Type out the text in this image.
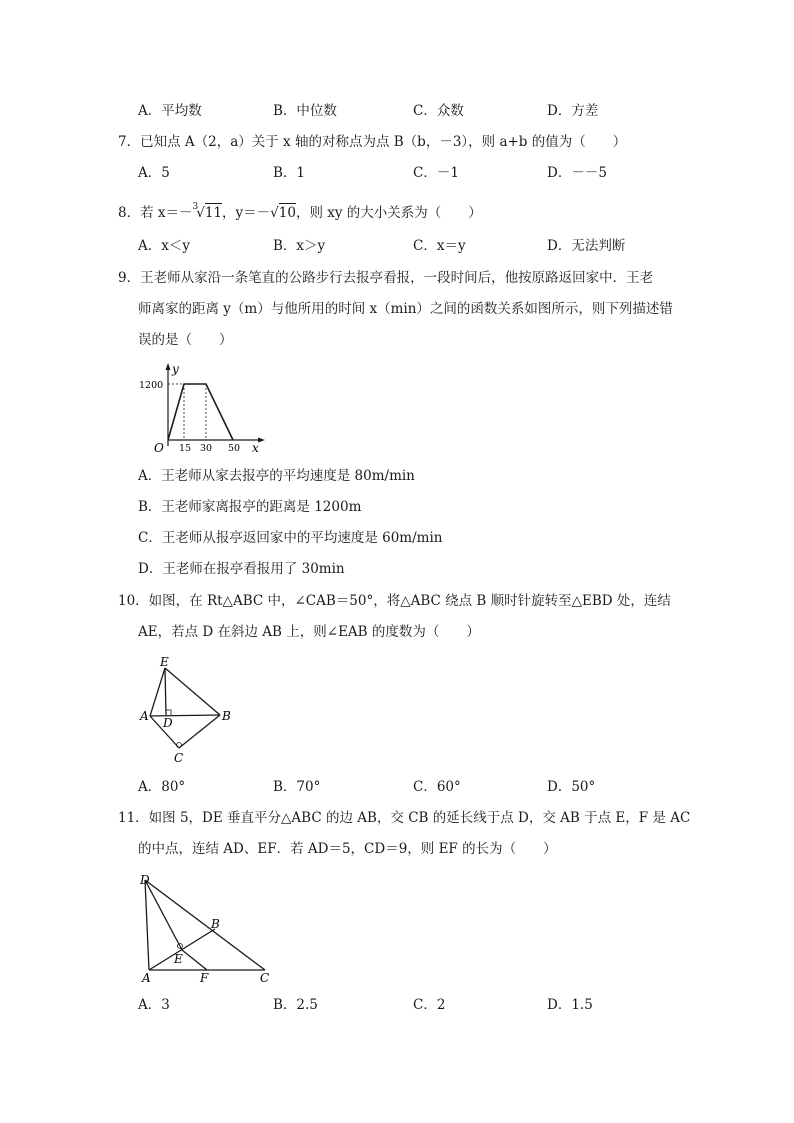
A．平均数	B．中位数	C．众数	D．方差
7．已知点 A（2，a）关于 x 轴的对称点为点 B（b，－3），则 a+b 的值为（　　）
A．5	B．1	C．－1	D．－－5
8．若 x＝－$^3$√11，y＝－√10，则 xy 的大小关系为（　　）
A．x＜y	B．x＞y	C．x＝y	D．无法判断
9．王老师从家沿一条笔直的公路步行去报亭看报，一段时间后，他按原路返回家中．王老
师离家的距离 y（m）与他所用的时间 x（min）之间的函数关系如图所示，则下列描述错
误的是（　　）
y
x
O
1200
15 30 50
A．王老师从家去报亭的平均速度是 80m/min
B．王老师家离报亭的距离是 1200m
C．王老师从报亭返回家中的平均速度是 60m/min
D．王老师在报亭看报用了 30min
10．如图，在 Rt△ABC 中，∠CAB＝50°，将△ABC 绕点 B 顺时针旋转至△EBD 处，连结
AE，若点 D 在斜边 AB 上，则∠EAB 的度数为（　　）
E
A D	B
C
A．80°	B．70°	C．60°	D．50°
11．如图 5，DE 垂直平分△ABC 的边 AB，交 CB 的延长线于点 D，交 AB 于点 E，F 是 AC
的中点，连结 AD、EF．若 AD＝5，CD＝9，则 EF 的长为（　　）
D
B
E
A	F	C
A．3	B．2.5	C．2	D．1.5
